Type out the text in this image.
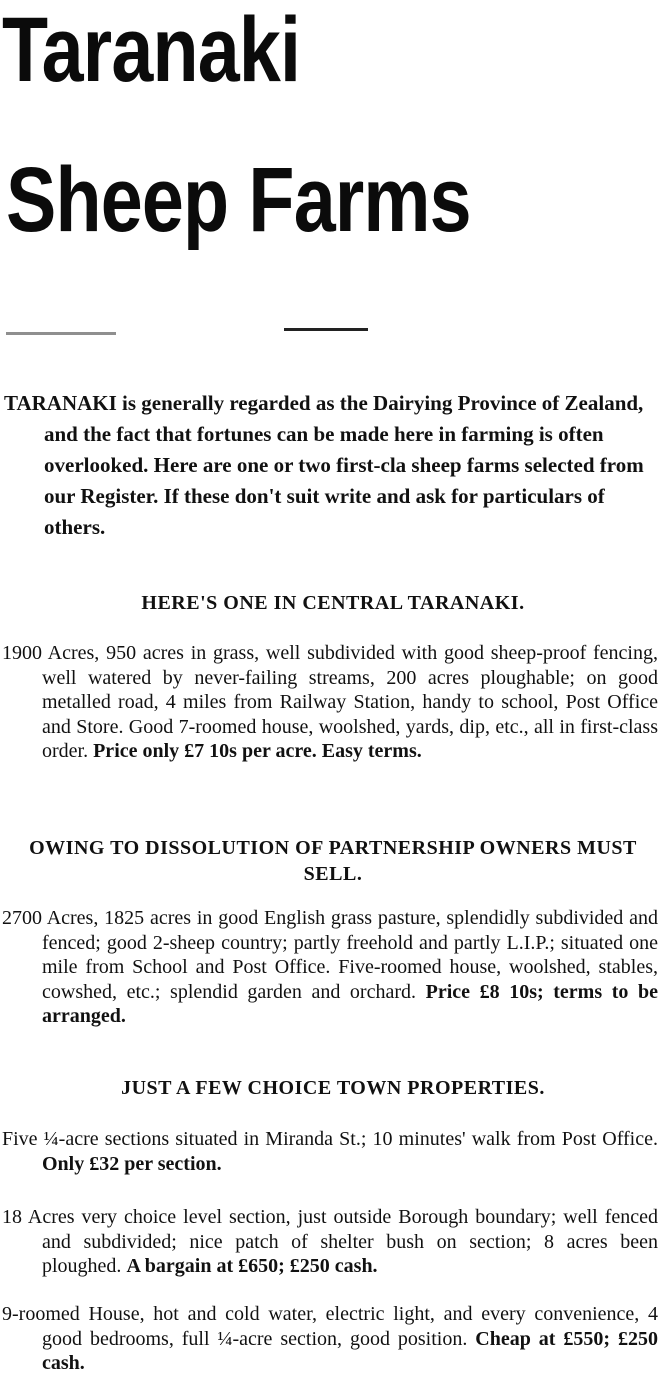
Taranaki
Sheep Farms

TARANAKI is generally regarded as the Dairying Province of Zealand, and the fact that fortunes can be made here in farming is often overlooked. Here are one or two first-cla sheep farms selected from our Register. If these don't suit write and ask for particulars of others.

HERE'S ONE IN CENTRAL TARANAKI.

1900 Acres, 950 acres in grass, well subdivided with good sheep-proof fencing, well watered by never-failing streams, 200 acres ploughable; on good metalled road, 4 miles from Railway Station, handy to school, Post Office and Store. Good 7-roomed house, woolshed, yards, dip, etc., all in first-class order. Price only £7 10s per acre. Easy terms.

OWING TO DISSOLUTION OF PARTNERSHIP OWNERS MUST SELL.

2700 Acres, 1825 acres in good English grass pasture, splendidly subdivided and fenced; good 2-sheep country; partly freehold and partly L.I.P.; situated one mile from School and Post Office. Five-roomed house, woolshed, stables, cowshed, etc.; splendid garden and orchard. Price £8 10s; terms to be arranged.

JUST A FEW CHOICE TOWN PROPERTIES.

Five ¼-acre sections situated in Miranda St.; 10 minutes' walk from Post Office. Only £32 per section.

18 Acres very choice level section, just outside Borough boundary; well fenced and subdivided; nice patch of shelter bush on section; 8 acres been ploughed. A bargain at £650; £250 cash.

9-roomed House, hot and cold water, electric light, and every convenience, 4 good bedrooms, full ¼-acre section, good position. Cheap at £550; £250 cash.
